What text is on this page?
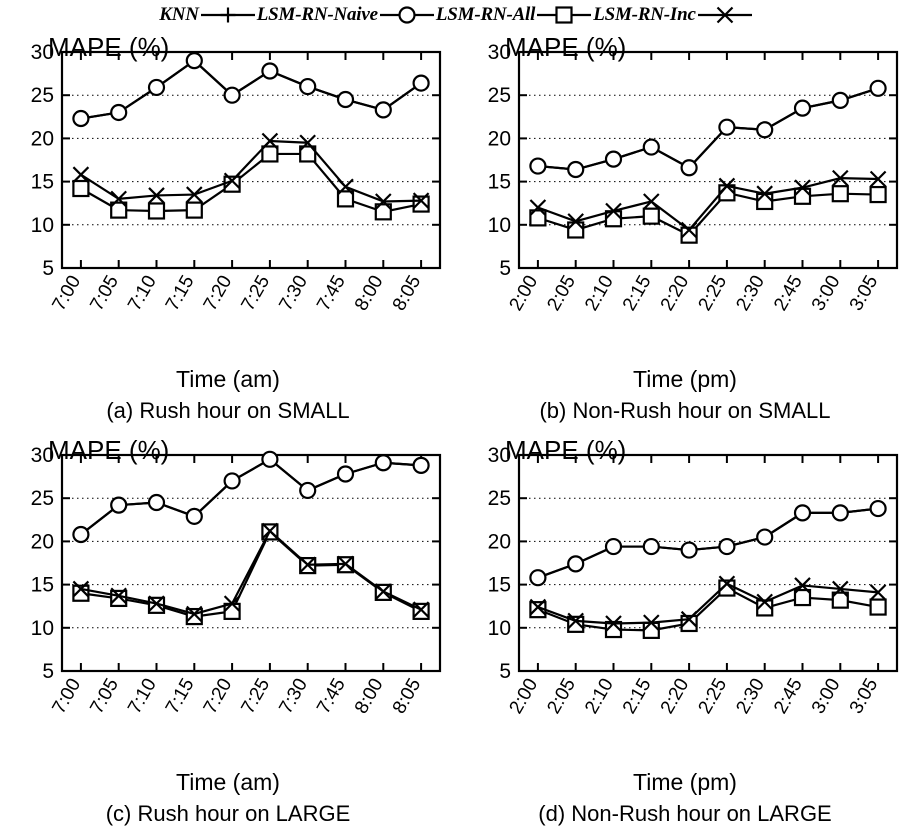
KNN	LSM-RN-Naive	LSM-RN-All	LSM-RN-Inc
MAPE (%)
5
10
15
20
25
30
7:00 7:05 7:10 7:15 7:20 7:25 7:30 7:45 8:00 8:05
Time (am)
(a) Rush hour on SMALL
MAPE (%)
5
10
15
20
25
30
2:00 2:05 2:10 2:15 2:20 2:25 2:30 2:45 3:00 3:05
Time (pm)
(b) Non-Rush hour on SMALL
MAPE (%)
5
10
15
20
25
30
7:00 7:05 7:10 7:15 7:20 7:25 7:30 7:45 8:00 8:05
Time (am)
(c) Rush hour on LARGE
MAPE (%)
5
10
15
20
25
30
2:00 2:05 2:10 2:15 2:20 2:25 2:30 2:45 3:00 3:05
Time (pm)
(d) Non-Rush hour on LARGE
